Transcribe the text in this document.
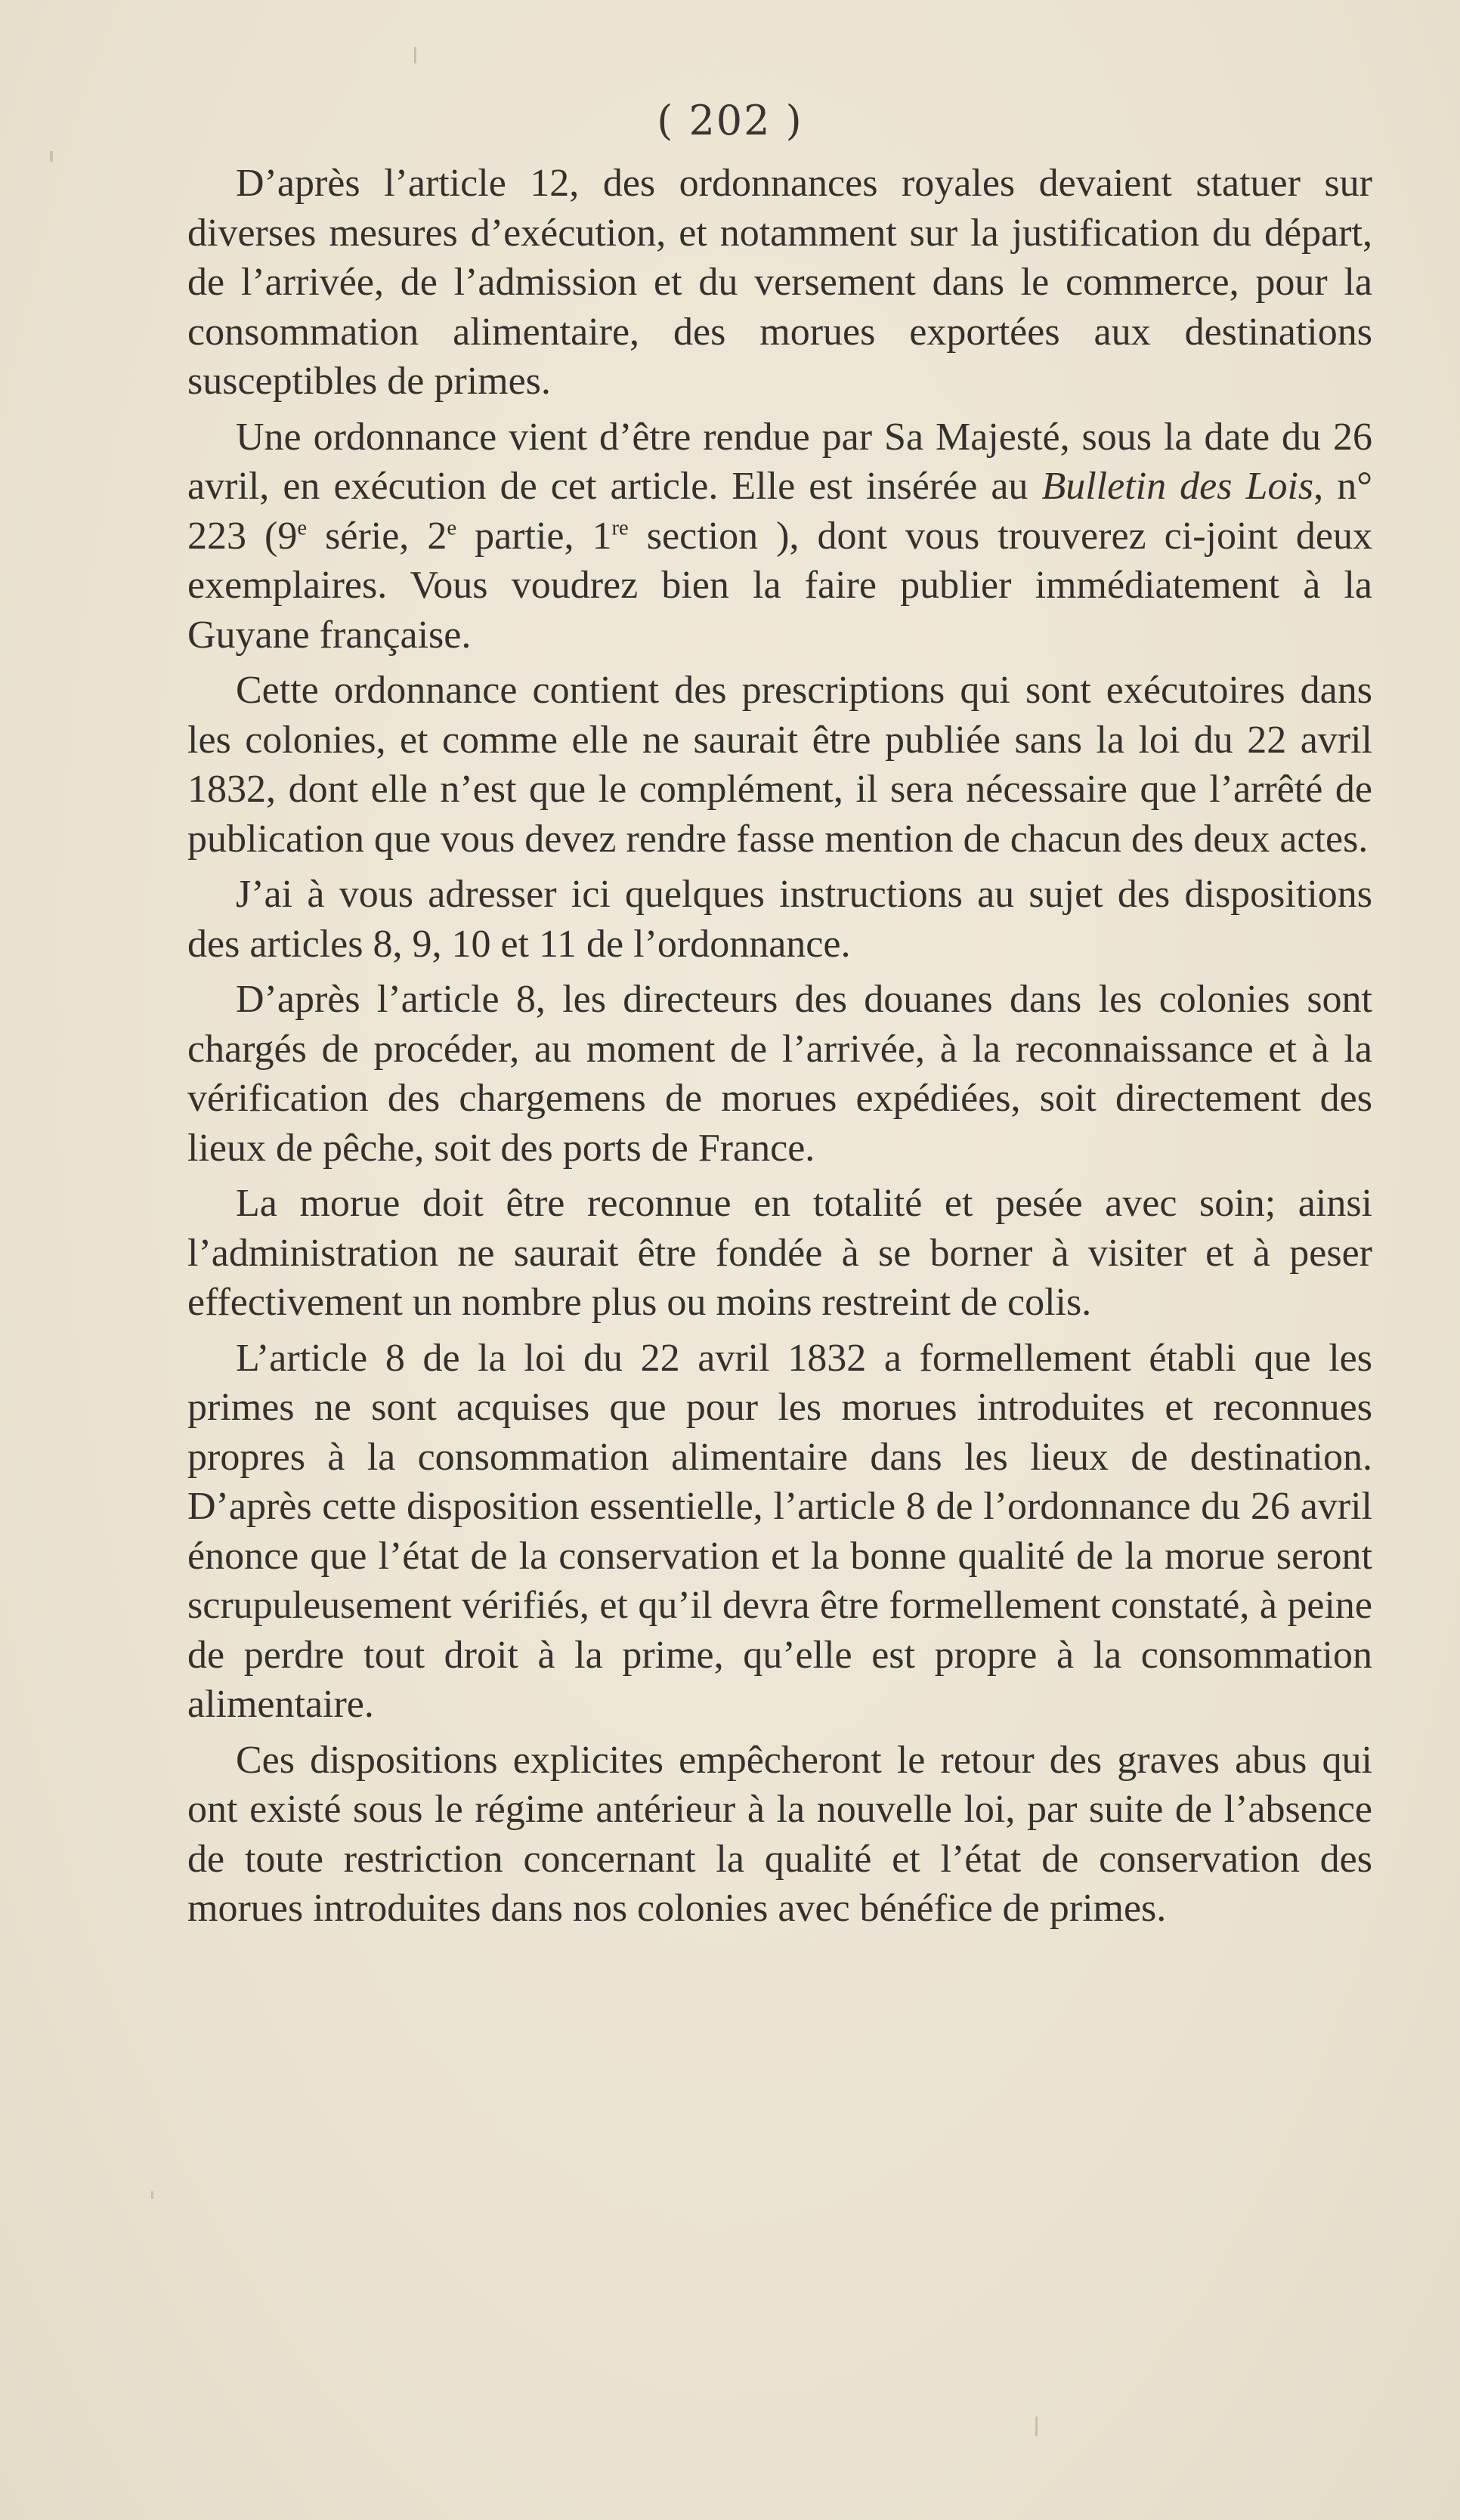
( 202 )

D’après l’article 12, des ordonnances royales devaient statuer sur diverses mesures d’exécution, et notamment sur la justification du départ, de l’arrivée, de l’admission et du versement dans le commerce, pour la consommation alimentaire, des morues exportées aux destinations susceptibles de primes.

Une ordonnance vient d’être rendue par Sa Majesté, sous la date du 26 avril, en exécution de cet article. Elle est insérée au Bulletin des Lois, n° 223 (9e série, 2e partie, 1re section ), dont vous trouverez ci-joint deux exemplaires. Vous voudrez bien la faire publier immédiatement à la Guyane française.

Cette ordonnance contient des prescriptions qui sont exécutoires dans les colonies, et comme elle ne saurait être publiée sans la loi du 22 avril 1832, dont elle n’est que le complément, il sera nécessaire que l’arrêté de publication que vous devez rendre fasse mention de chacun des deux actes.

J’ai à vous adresser ici quelques instructions au sujet des dispositions des articles 8, 9, 10 et 11 de l’ordonnance.

D’après l’article 8, les directeurs des douanes dans les colonies sont chargés de procéder, au moment de l’arrivée, à la reconnaissance et à la vérification des chargemens de morues expédiées, soit directement des lieux de pêche, soit des ports de France.

La morue doit être reconnue en totalité et pesée avec soin; ainsi l’administration ne saurait être fondée à se borner à visiter et à peser effectivement un nombre plus ou moins restreint de colis.

L’article 8 de la loi du 22 avril 1832 a formellement établi que les primes ne sont acquises que pour les morues introduites et reconnues propres à la consommation alimentaire dans les lieux de destination. D’après cette disposition essentielle, l’article 8 de l’ordonnance du 26 avril énonce que l’état de la conservation et la bonne qualité de la morue seront scrupuleusement vérifiés, et qu’il devra être formellement constaté, à peine de perdre tout droit à la prime, qu’elle est propre à la consommation alimentaire.

Ces dispositions explicites empêcheront le retour des graves abus qui ont existé sous le régime antérieur à la nouvelle loi, par suite de l’absence de toute restriction concernant la qualité et l’état de conservation des morues introduites dans nos colonies avec bénéfice de primes.
